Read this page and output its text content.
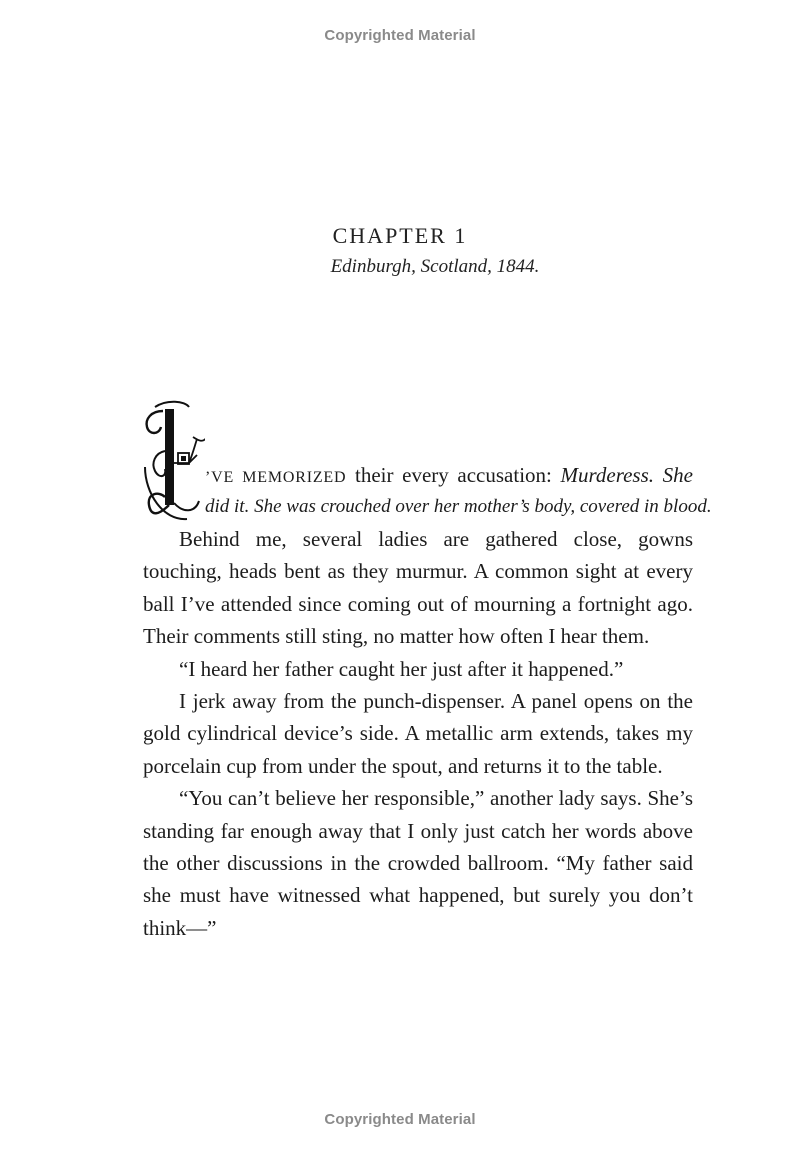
Copyrighted Material
CHAPTER 1
Edinburgh, Scotland, 1844.
’VE MEMORIZED their every accusation: Murderess. She
did it. She was crouched over her mother’s body, covered in blood.

Behind me, several ladies are gathered close, gowns touching, heads bent as they murmur. A common sight at every ball I’ve attended since coming out of mourning a fortnight ago. Their comments still sting, no matter how often I hear them.

“I heard her father caught her just after it happened.”

I jerk away from the punch-dispenser. A panel opens on the gold cylindrical device’s side. A metallic arm extends, takes my porcelain cup from under the spout, and returns it to the table.

“You can’t believe her responsible,” another lady says. She’s standing far enough away that I only just catch her words above the other discussions in the crowded ballroom. “My father said she must have witnessed what happened, but surely you don’t think—”

Copyrighted Material
